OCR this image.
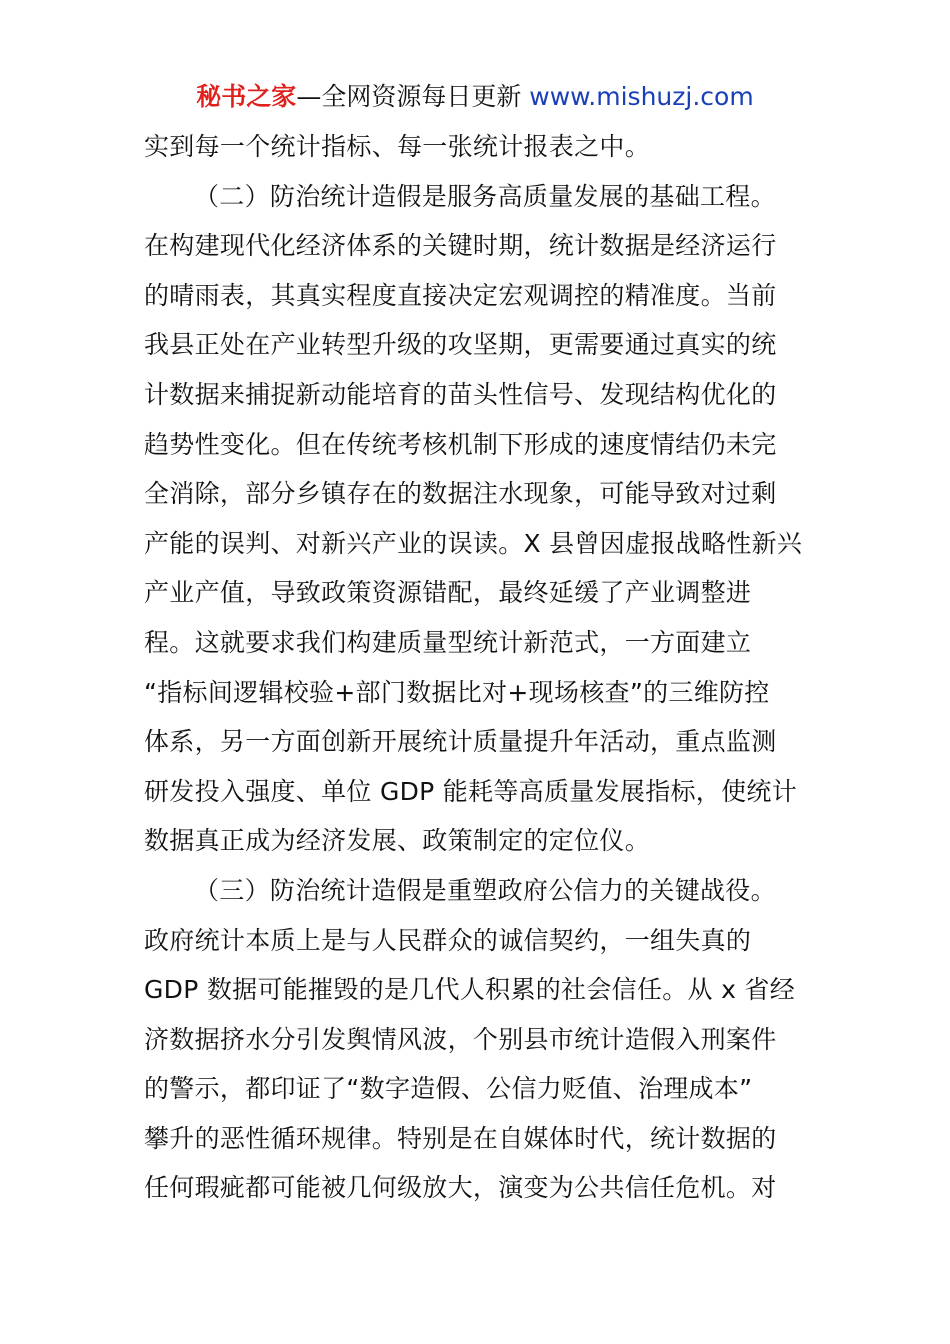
秘书之家—全网资源每日更新 www.mishuzj.com
实到每一个统计指标、每一张统计报表之中。
（二）防治统计造假是服务高质量发展的基础工程。
在构建现代化经济体系的关键时期，统计数据是经济运行
的晴雨表，其真实程度直接决定宏观调控的精准度。当前
我县正处在产业转型升级的攻坚期，更需要通过真实的统
计数据来捕捉新动能培育的苗头性信号、发现结构优化的
趋势性变化。但在传统考核机制下形成的速度情结仍未完
全消除，部分乡镇存在的数据注水现象，可能导致对过剩
产能的误判、对新兴产业的误读。X 县曾因虚报战略性新兴
产业产值，导致政策资源错配，最终延缓了产业调整进
程。这就要求我们构建质量型统计新范式，一方面建立
“指标间逻辑校验+部门数据比对+现场核查”的三维防控
体系，另一方面创新开展统计质量提升年活动，重点监测
研发投入强度、单位 GDP 能耗等高质量发展指标，使统计
数据真正成为经济发展、政策制定的定位仪。
（三）防治统计造假是重塑政府公信力的关键战役。
政府统计本质上是与人民群众的诚信契约，一组失真的
GDP 数据可能摧毁的是几代人积累的社会信任。从 x 省经
济数据挤水分引发舆情风波，个别县市统计造假入刑案件
的警示，都印证了“数字造假、公信力贬值、治理成本”
攀升的恶性循环规律。特别是在自媒体时代，统计数据的
任何瑕疵都可能被几何级放大，演变为公共信任危机。对
